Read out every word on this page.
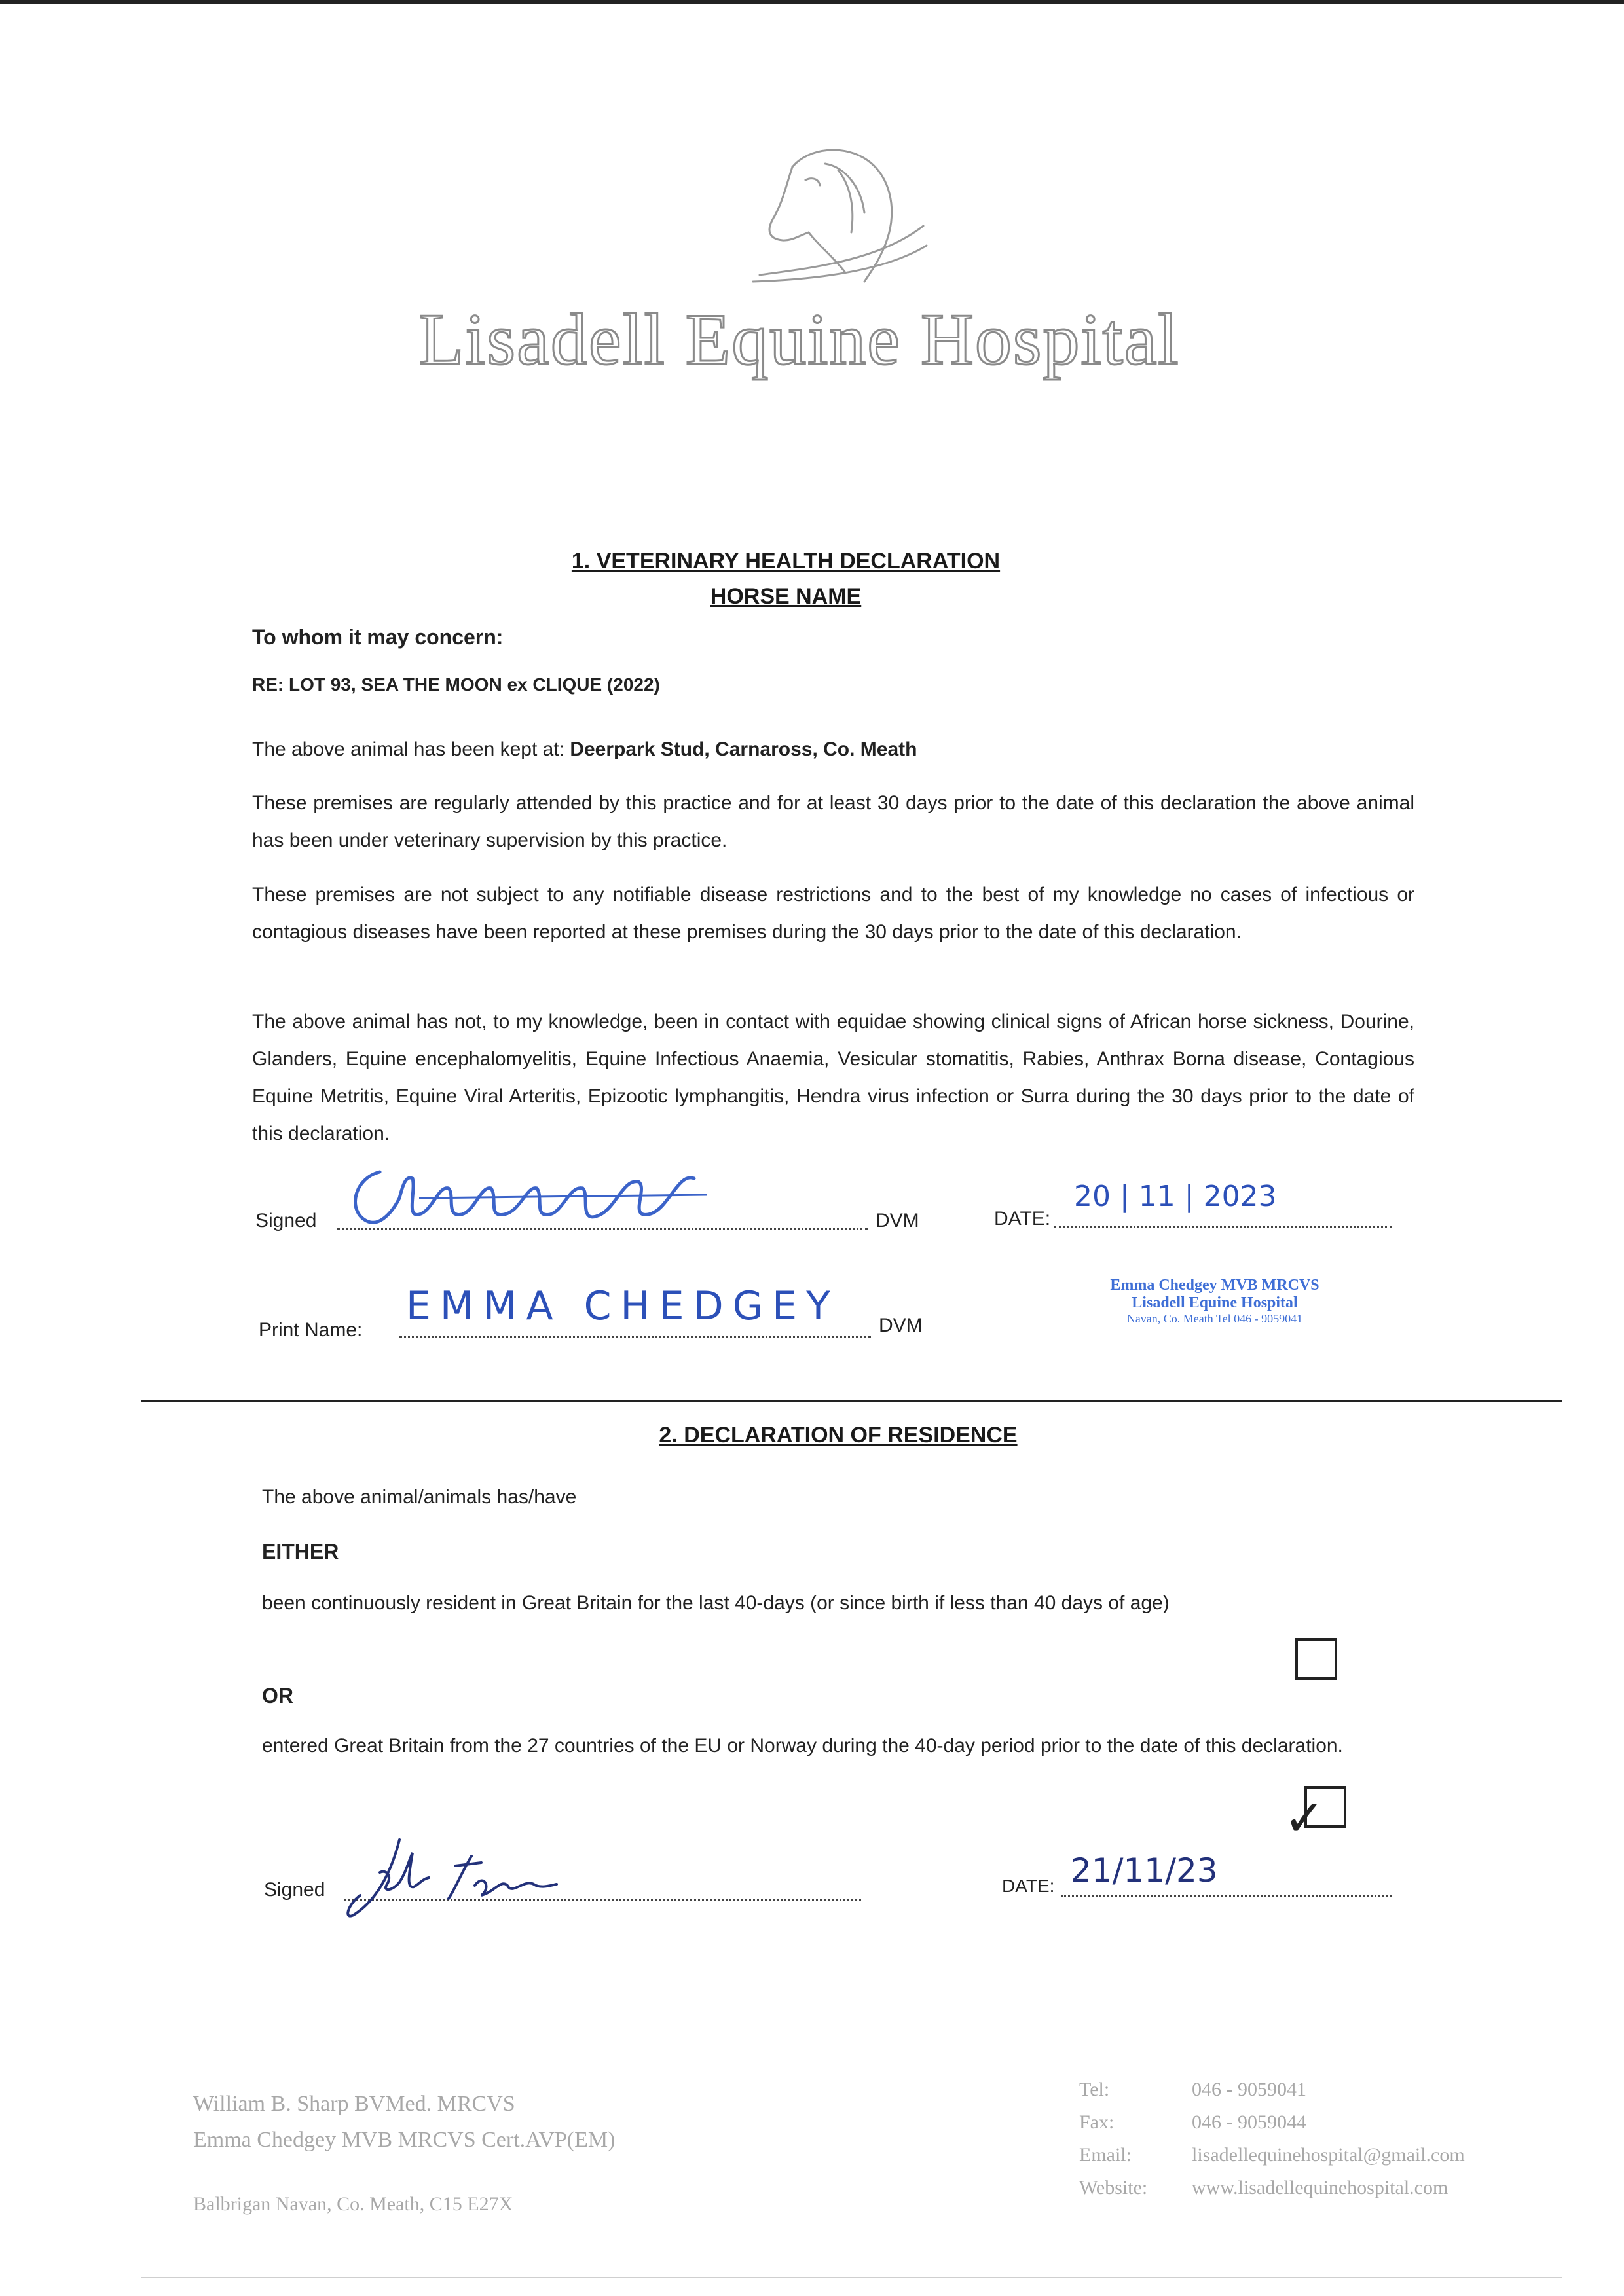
Lisadell Equine Hospital
1. VETERINARY HEALTH DECLARATION
HORSE NAME
To whom it may concern:
RE: LOT 93, SEA THE MOON ex CLIQUE (2022)
The above animal has been kept at: Deerpark Stud, Carnaross, Co. Meath
These premises are regularly attended by this practice and for at least 30 days prior to the date of this declaration the above animal has been under veterinary supervision by this practice.
These premises are not subject to any notifiable disease restrictions and to the best of my knowledge no cases of infectious or contagious diseases have been reported at these premises during the 30 days prior to the date of this declaration.
The above animal has not, to my knowledge, been in contact with equidae showing clinical signs of African horse sickness, Dourine, Glanders, Equine encephalomyelitis, Equine Infectious Anaemia, Vesicular stomatitis, Rabies, Anthrax Borna disease, Contagious Equine Metritis, Equine Viral Arteritis, Epizootic lymphangitis, Hendra virus infection or Surra during the 30 days prior to the date of this declaration.
Signed	DVM	DATE:
20 | 11 | 2023
Print Name:
EMMA CHEDGEY DVM
Emma Chedgey MVB MRCVS
Lisadell Equine Hospital
Navan, Co. Meath Tel 046 - 9059041
2. DECLARATION OF RESIDENCE
The above animal/animals has/have
EITHER
been continuously resident in Great Britain for the last 40-days (or since birth if less than 40 days of age)
OR
entered Great Britain from the 27 countries of the EU or Norway during the 40-day period prior to the date of this declaration.
✓
Signed	DATE: 21/11/23
William B. Sharp BVMed. MRCVS
Emma Chedgey MVB MRCVS Cert.AVP(EM)
Balbrigan Navan, Co. Meath, C15 E27X
Tel:	046 - 9059041
Fax:	046 - 9059044
Email:	lisadellequinehospital@gmail.com
Website: www.lisadellequinehospital.com
